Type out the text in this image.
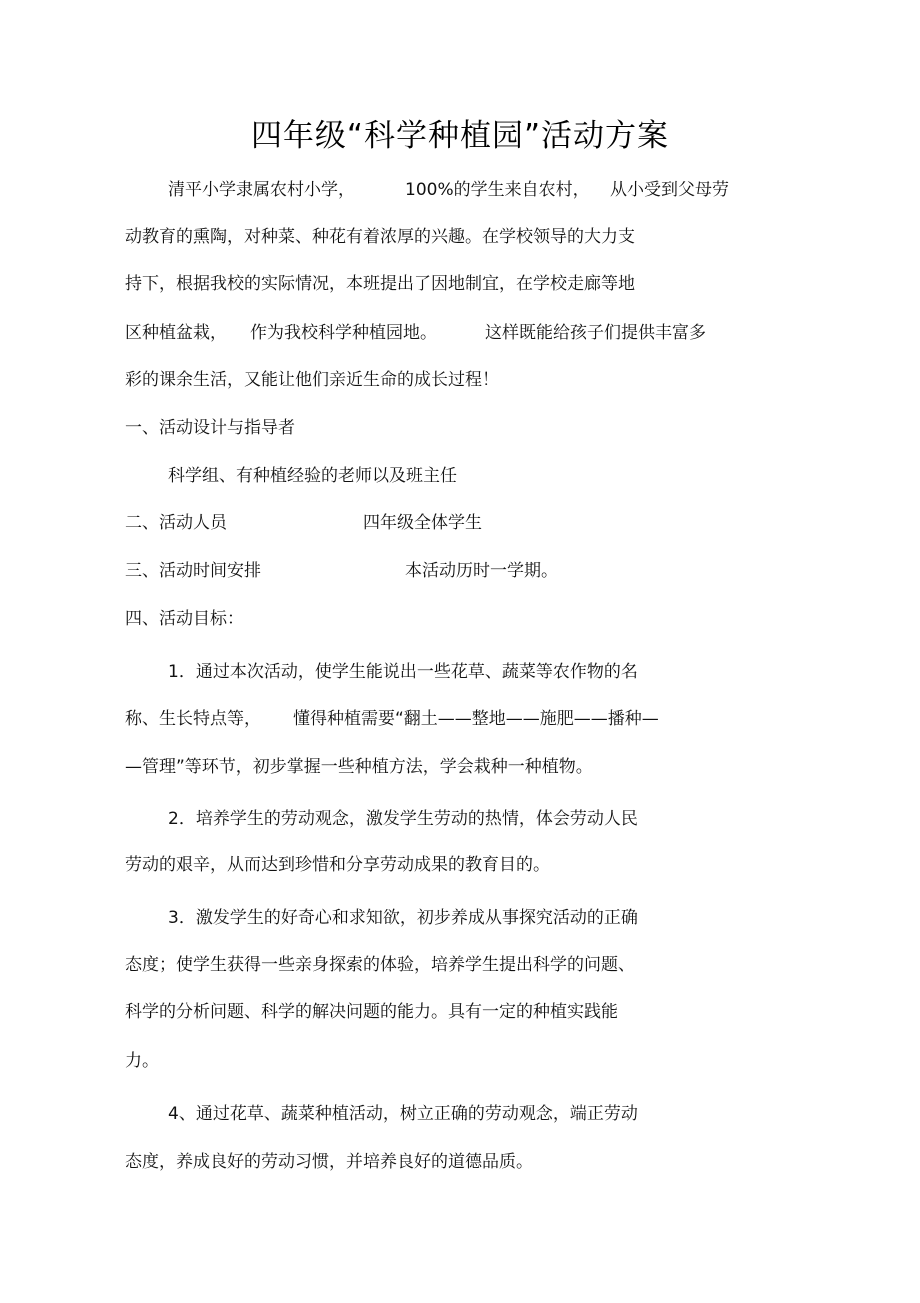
四年级“科学种植园”活动方案
清平小学隶属农村小学，	100%的学生来自农村， 从小受到父母劳
动教育的熏陶，对种菜、种花有着浓厚的兴趣。在学校领导的大力支
持下，根据我校的实际情况，本班提出了因地制宜，在学校走廊等地
区种植盆栽， 作为我校科学种植园地。	这样既能给孩子们提供丰富多
彩的课余生活，又能让他们亲近生命的成长过程！
一、活动设计与指导者
科学组、有种植经验的老师以及班主任
二、活动人员	四年级全体学生
三、活动时间安排	本活动历时一学期。
四、活动目标：
1．通过本次活动，使学生能说出一些花草、蔬菜等农作物的名
称、生长特点等， 懂得种植需要“翻土——整地——施肥——播种—
—管理”等环节，初步掌握一些种植方法，学会栽种一种植物。
2．培养学生的劳动观念，激发学生劳动的热情，体会劳动人民
劳动的艰辛，从而达到珍惜和分享劳动成果的教育目的。
3．激发学生的好奇心和求知欲，初步养成从事探究活动的正确
态度；使学生获得一些亲身探索的体验，培养学生提出科学的问题、
科学的分析问题、科学的解决问题的能力。具有一定的种植实践能
力。
4、通过花草、蔬菜种植活动，树立正确的劳动观念，端正劳动
态度，养成良好的劳动习惯，并培养良好的道德品质。
